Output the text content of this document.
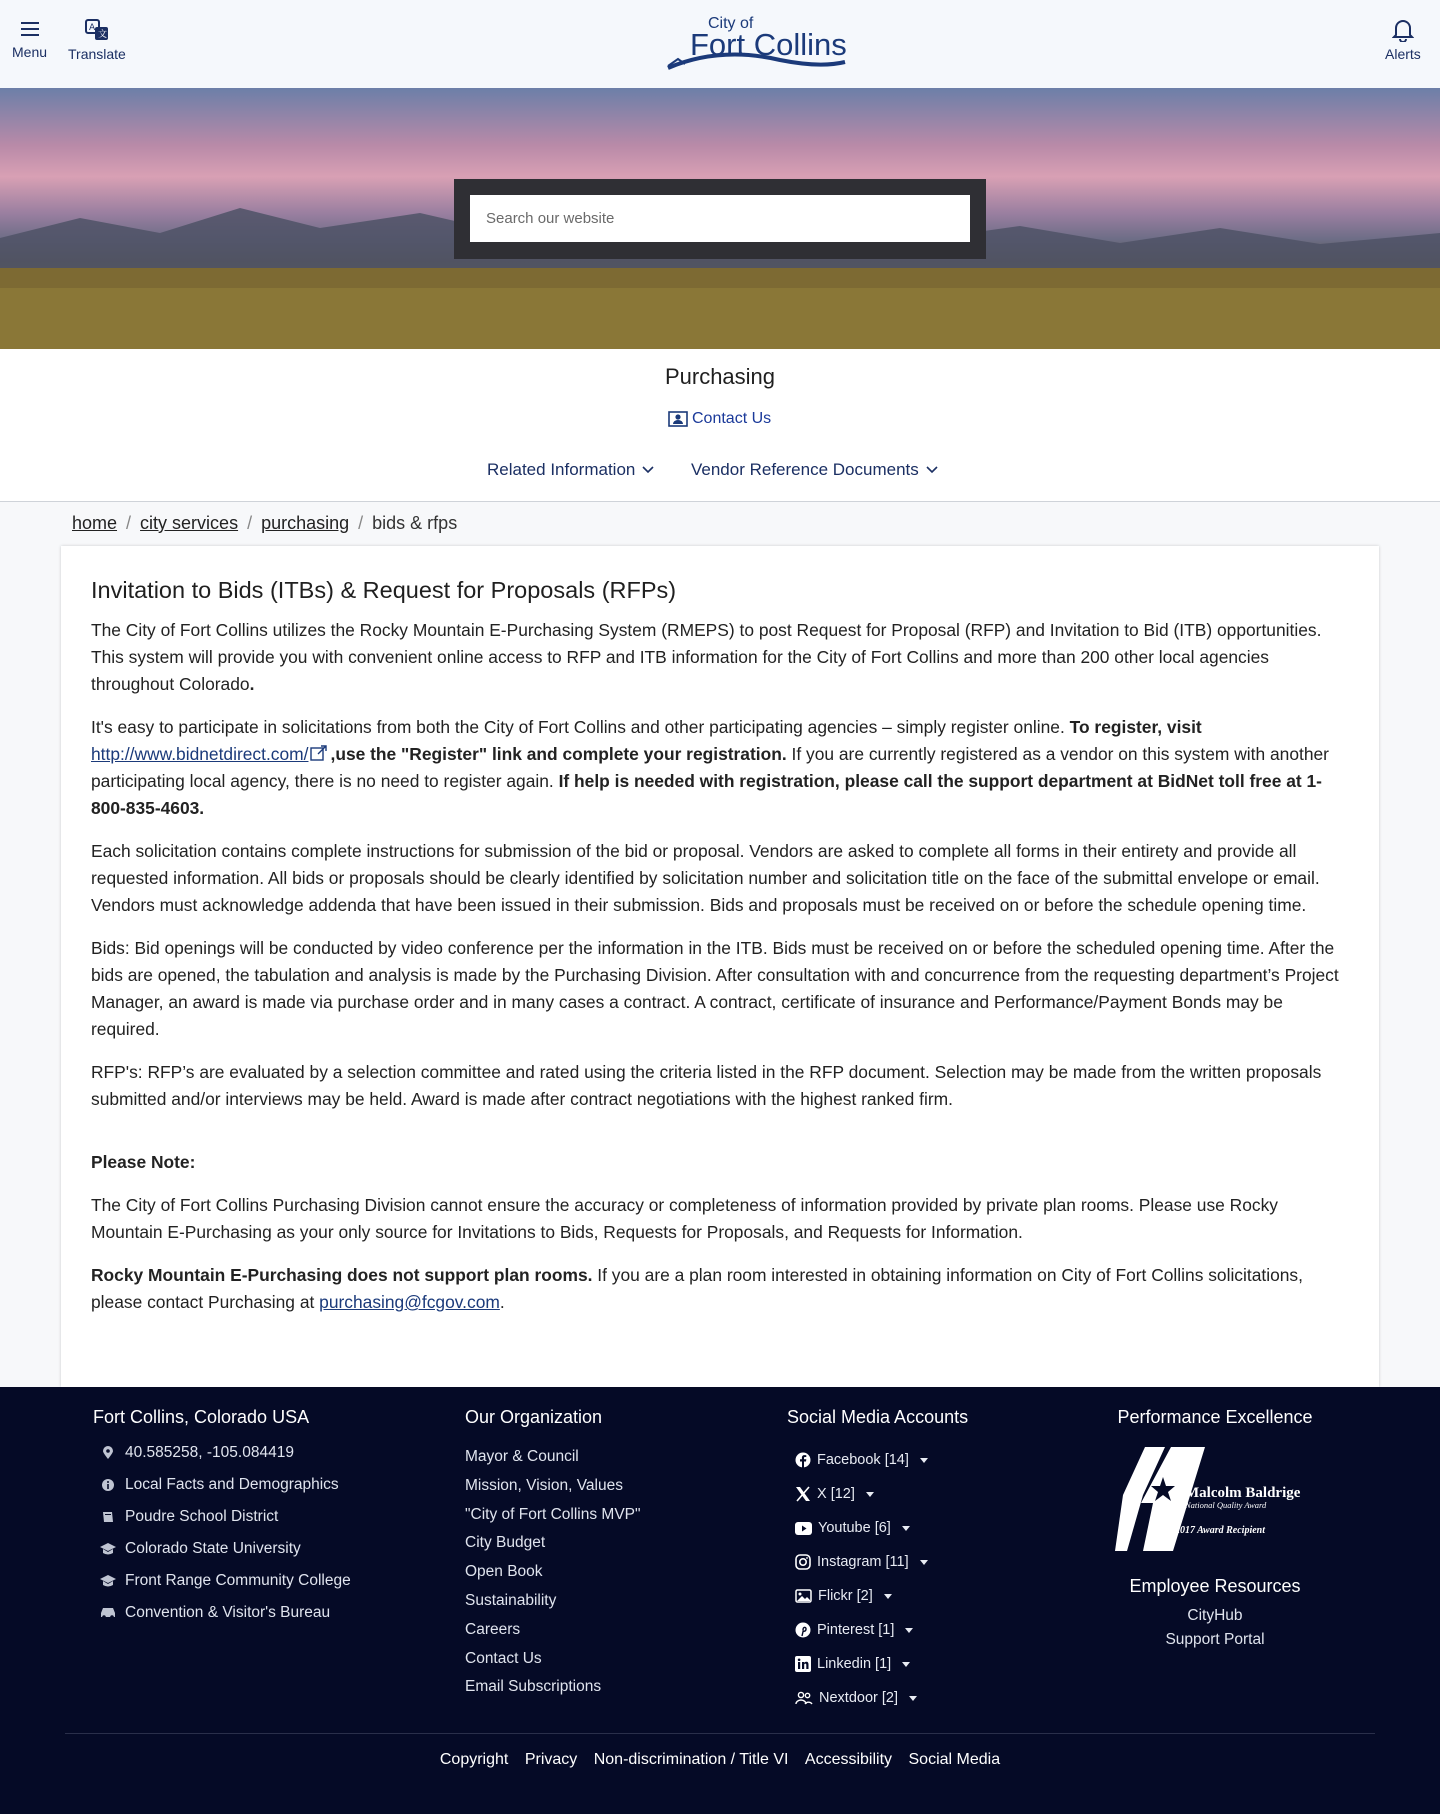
Menu
A
文
Translate
City of
Fort Collins	Alerts
Search our website
Purchasing
Contact Us
Related Information	Vendor Reference Documents
home / city services / purchasing / bids & rfps
Invitation to Bids (ITBs) & Request for Proposals (RFPs)

The City of Fort Collins utilizes the Rocky Mountain E-Purchasing System (RMEPS) to post Request for Proposal (RFP) and Invitation to Bid (ITB) opportunities. This system will provide you with convenient online access to RFP and ITB information for the City of Fort Collins and more than 200 other local agencies throughout Colorado.

It's easy to participate in solicitations from both the City of Fort Collins and other participating agencies – simply register online. To register, visit http://www.bidnetdirect.com/ ,use the "Register" link and complete your registration. If you are currently registered as a vendor on this system with another participating local agency, there is no need to register again. If help is needed with registration, please call the support department at BidNet toll free at 1-800-835-4603.

Each solicitation contains complete instructions for submission of the bid or proposal. Vendors are asked to complete all forms in their entirety and provide all requested information. All bids or proposals should be clearly identified by solicitation number and solicitation title on the face of the submittal envelope or email. Vendors must acknowledge addenda that have been issued in their submission. Bids and proposals must be received on or before the schedule opening time.

Bids: Bid openings will be conducted by video conference per the information in the ITB. Bids must be received on or before the scheduled opening time. After the bids are opened, the tabulation and analysis is made by the Purchasing Division. After consultation with and concurrence from the requesting department’s Project Manager, an award is made via purchase order and in many cases a contract. A contract, certificate of insurance and Performance/Payment Bonds may be required.

RFP's: RFP’s are evaluated by a selection committee and rated using the criteria listed in the RFP document. Selection may be made from the written proposals submitted and/or interviews may be held. Award is made after contract negotiations with the highest ranked firm.

Please Note:

The City of Fort Collins Purchasing Division cannot ensure the accuracy or completeness of information provided by private plan rooms. Please use Rocky Mountain E-Purchasing as your only source for Invitations to Bids, Requests for Proposals, and Requests for Information.

Rocky Mountain E-Purchasing does not support plan rooms. If you are a plan room interested in obtaining information on City of Fort Collins solicitations, please contact Purchasing at purchasing@fcgov.com.

Fort Collins, Colorado USA
40.585258, -105.084419
Local Facts and Demographics
Poudre School District
Colorado State University
Front Range Community College
Convention & Visitor's Bureau
Our Organization
Mayor & Council
Mission, Vision, Values
"City of Fort Collins MVP"
City Budget
Open Book
Sustainability
Careers
Contact Us
Email Subscriptions
Social Media Accounts
Facebook [14]
X [12]
Youtube [6]
Instagram [11]
Flickr [2]
Pinterest [1]
Linkedin [1]
Nextdoor [2]
Performance Excellence
Malcolm Baldrige
National Quality Award
2017 Award Recipient
Employee Resources
CityHub
Support Portal
Copyright Privacy Non-discrimination / Title VI Accessibility Social Media
